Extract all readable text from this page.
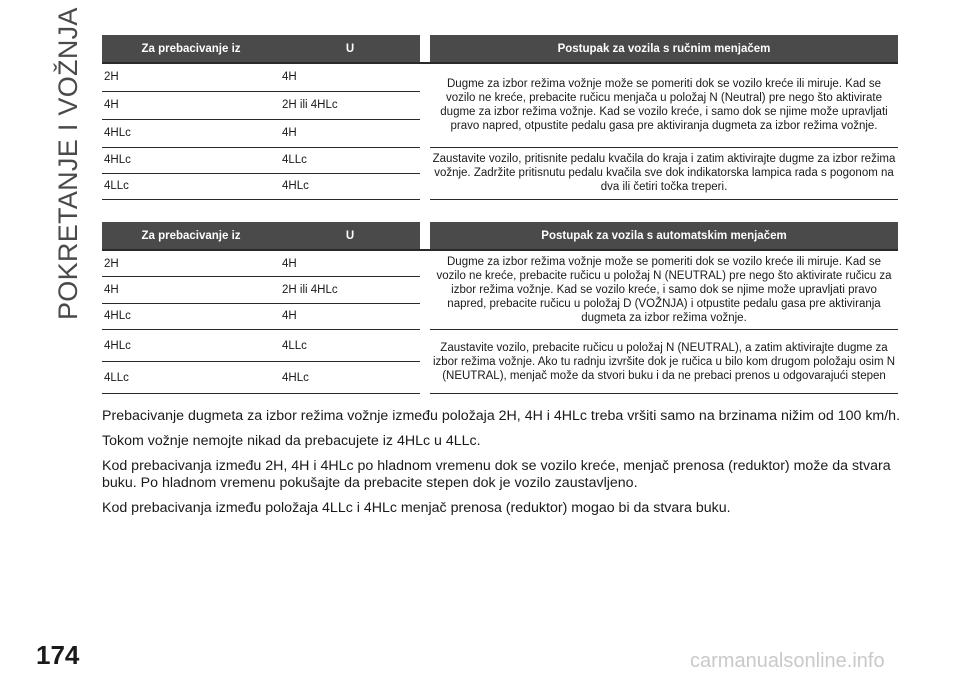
POKRETANJE I VOŽNJA	Za prebacivanje iz	U		Postupak za vozila s ručnim menjačem
2H	4H		Dugme za izbor režima vožnje može se pomeriti dok se vozilo kreće ili miruje. Kad se vozilo ne kreće, prebacite ručicu menjača u položaj N (Neutral) pre nego što aktivirate dugme za izbor režima vožnje. Kad se vozilo kreće, i samo dok se njime može upravljati pravo napred, otpustite pedalu gasa pre aktiviranja dugmeta za izbor režima vožnje.
4H	2H ili 4HLc		
4HLc	4H		
4HLc	4LLc		Zaustavite vozilo, pritisnite pedalu kvačila do kraja i zatim aktivirajte dugme za izbor režima vožnje. Zadržite pritisnutu pedalu kvačila sve dok indikatorska lampica rada s pogonom na dva ili četiri točka treperi.
4LLc	4HLc		
Za prebacivanje iz	U		Postupak za vozila s automatskim menjačem
2H	4H		Dugme za izbor režima vožnje može se pomeriti dok se vozilo kreće ili miruje. Kad se vozilo ne kreće, prebacite ručicu u položaj N (NEUTRAL) pre nego što aktivirate ručicu za izbor režima vožnje. Kad se vozilo kreće, i samo dok se njime može upravljati pravo napred, prebacite ručicu u položaj D (VOŽNJA) i otpustite pedalu gasa pre aktiviranja dugmeta za izbor režima vožnje.
4H	2H ili 4HLc		
4HLc	4H		
4HLc	4LLc		Zaustavite vozilo, prebacite ručicu u položaj N (NEUTRAL), a zatim aktivirajte dugme za izbor režima vožnje. Ako tu radnju izvršite dok je ručica u bilo kom drugom položaju osim N (NEUTRAL), menjač može da stvori buku i da ne prebaci prenos u odgovarajući stepen
4LLc	4HLc		

Prebacivanje dugmeta za izbor režima vožnje između položaja 2H, 4H i 4HLc treba vršiti samo na brzinama nižim od 100 km/h.

Tokom vožnje nemojte nikad da prebacujete iz 4HLc u 4LLc.

Kod prebacivanja između 2H, 4H i 4HLc po hladnom vremenu dok se vozilo kreće, menjač prenosa (reduktor) može da stvara buku. Po hladnom vremenu pokušajte da prebacite stepen dok je vozilo zaustavljeno.

Kod prebacivanja između položaja 4LLc i 4HLc menjač prenosa (reduktor) mogao bi da stvara buku.

174	carmanualsonline.info
